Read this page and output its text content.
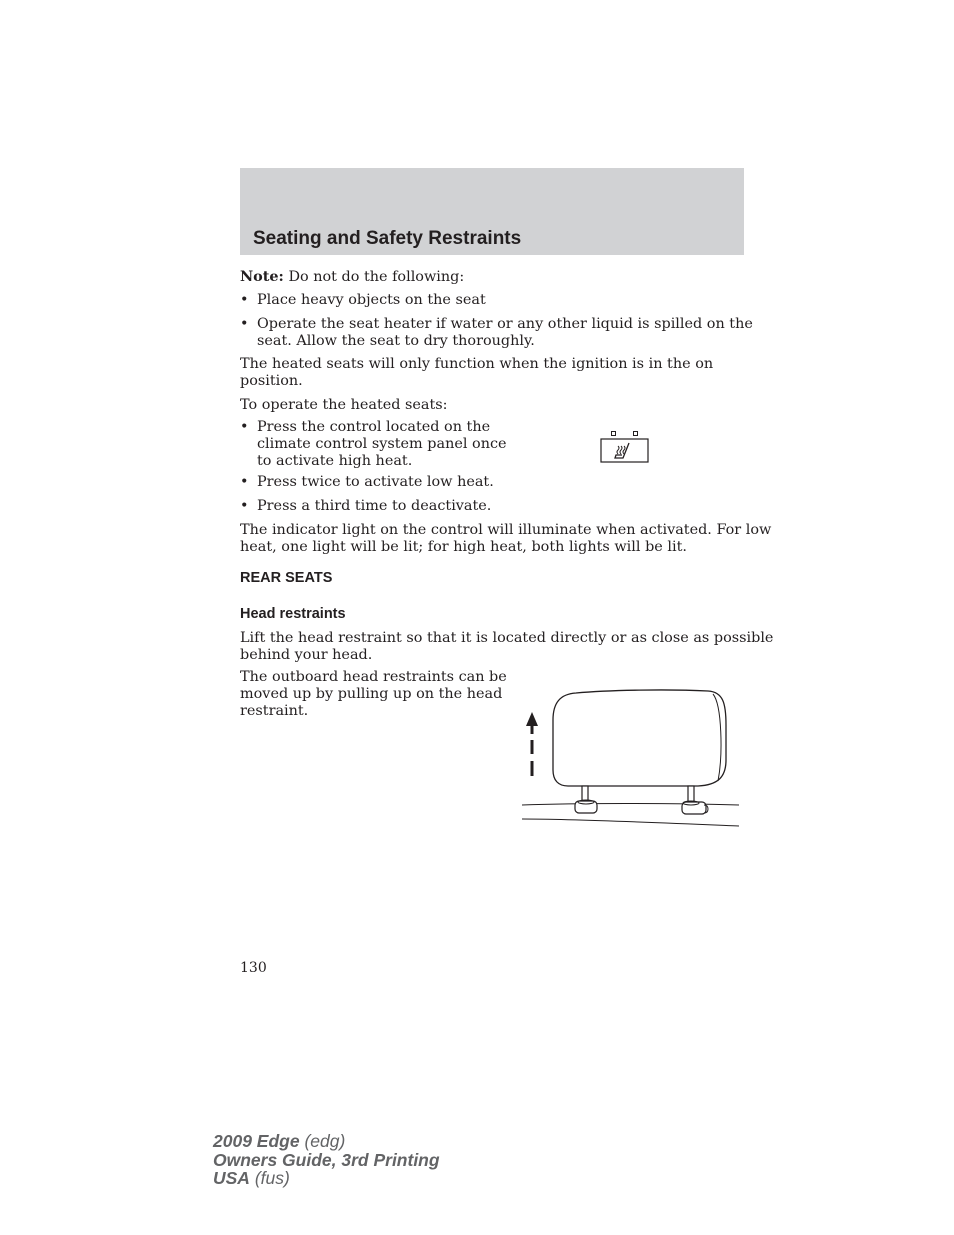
Seating and Safety Restraints

Note: Do not do the following:

• Place heavy objects on the seat
• Operate the seat heater if water or any other liquid is spilled on the
seat. Allow the seat to dry thoroughly.

The heated seats will only function when the ignition is in the on
position.

To operate the heated seats:

• Press the control located on the
climate control system panel once
to activate high heat.
• Press twice to activate low heat.
• Press a third time to deactivate.

The indicator light on the control will illuminate when activated. For low
heat, one light will be lit; for high heat, both lights will be lit.

REAR SEATS
Head restraints

Lift the head restraint so that it is located directly or as close as possible
behind your head.

The outboard head restraints can be
moved up by pulling up on the head
restraint.

130
2009 Edge (edg)
Owners Guide, 3rd Printing
USA (fus)
